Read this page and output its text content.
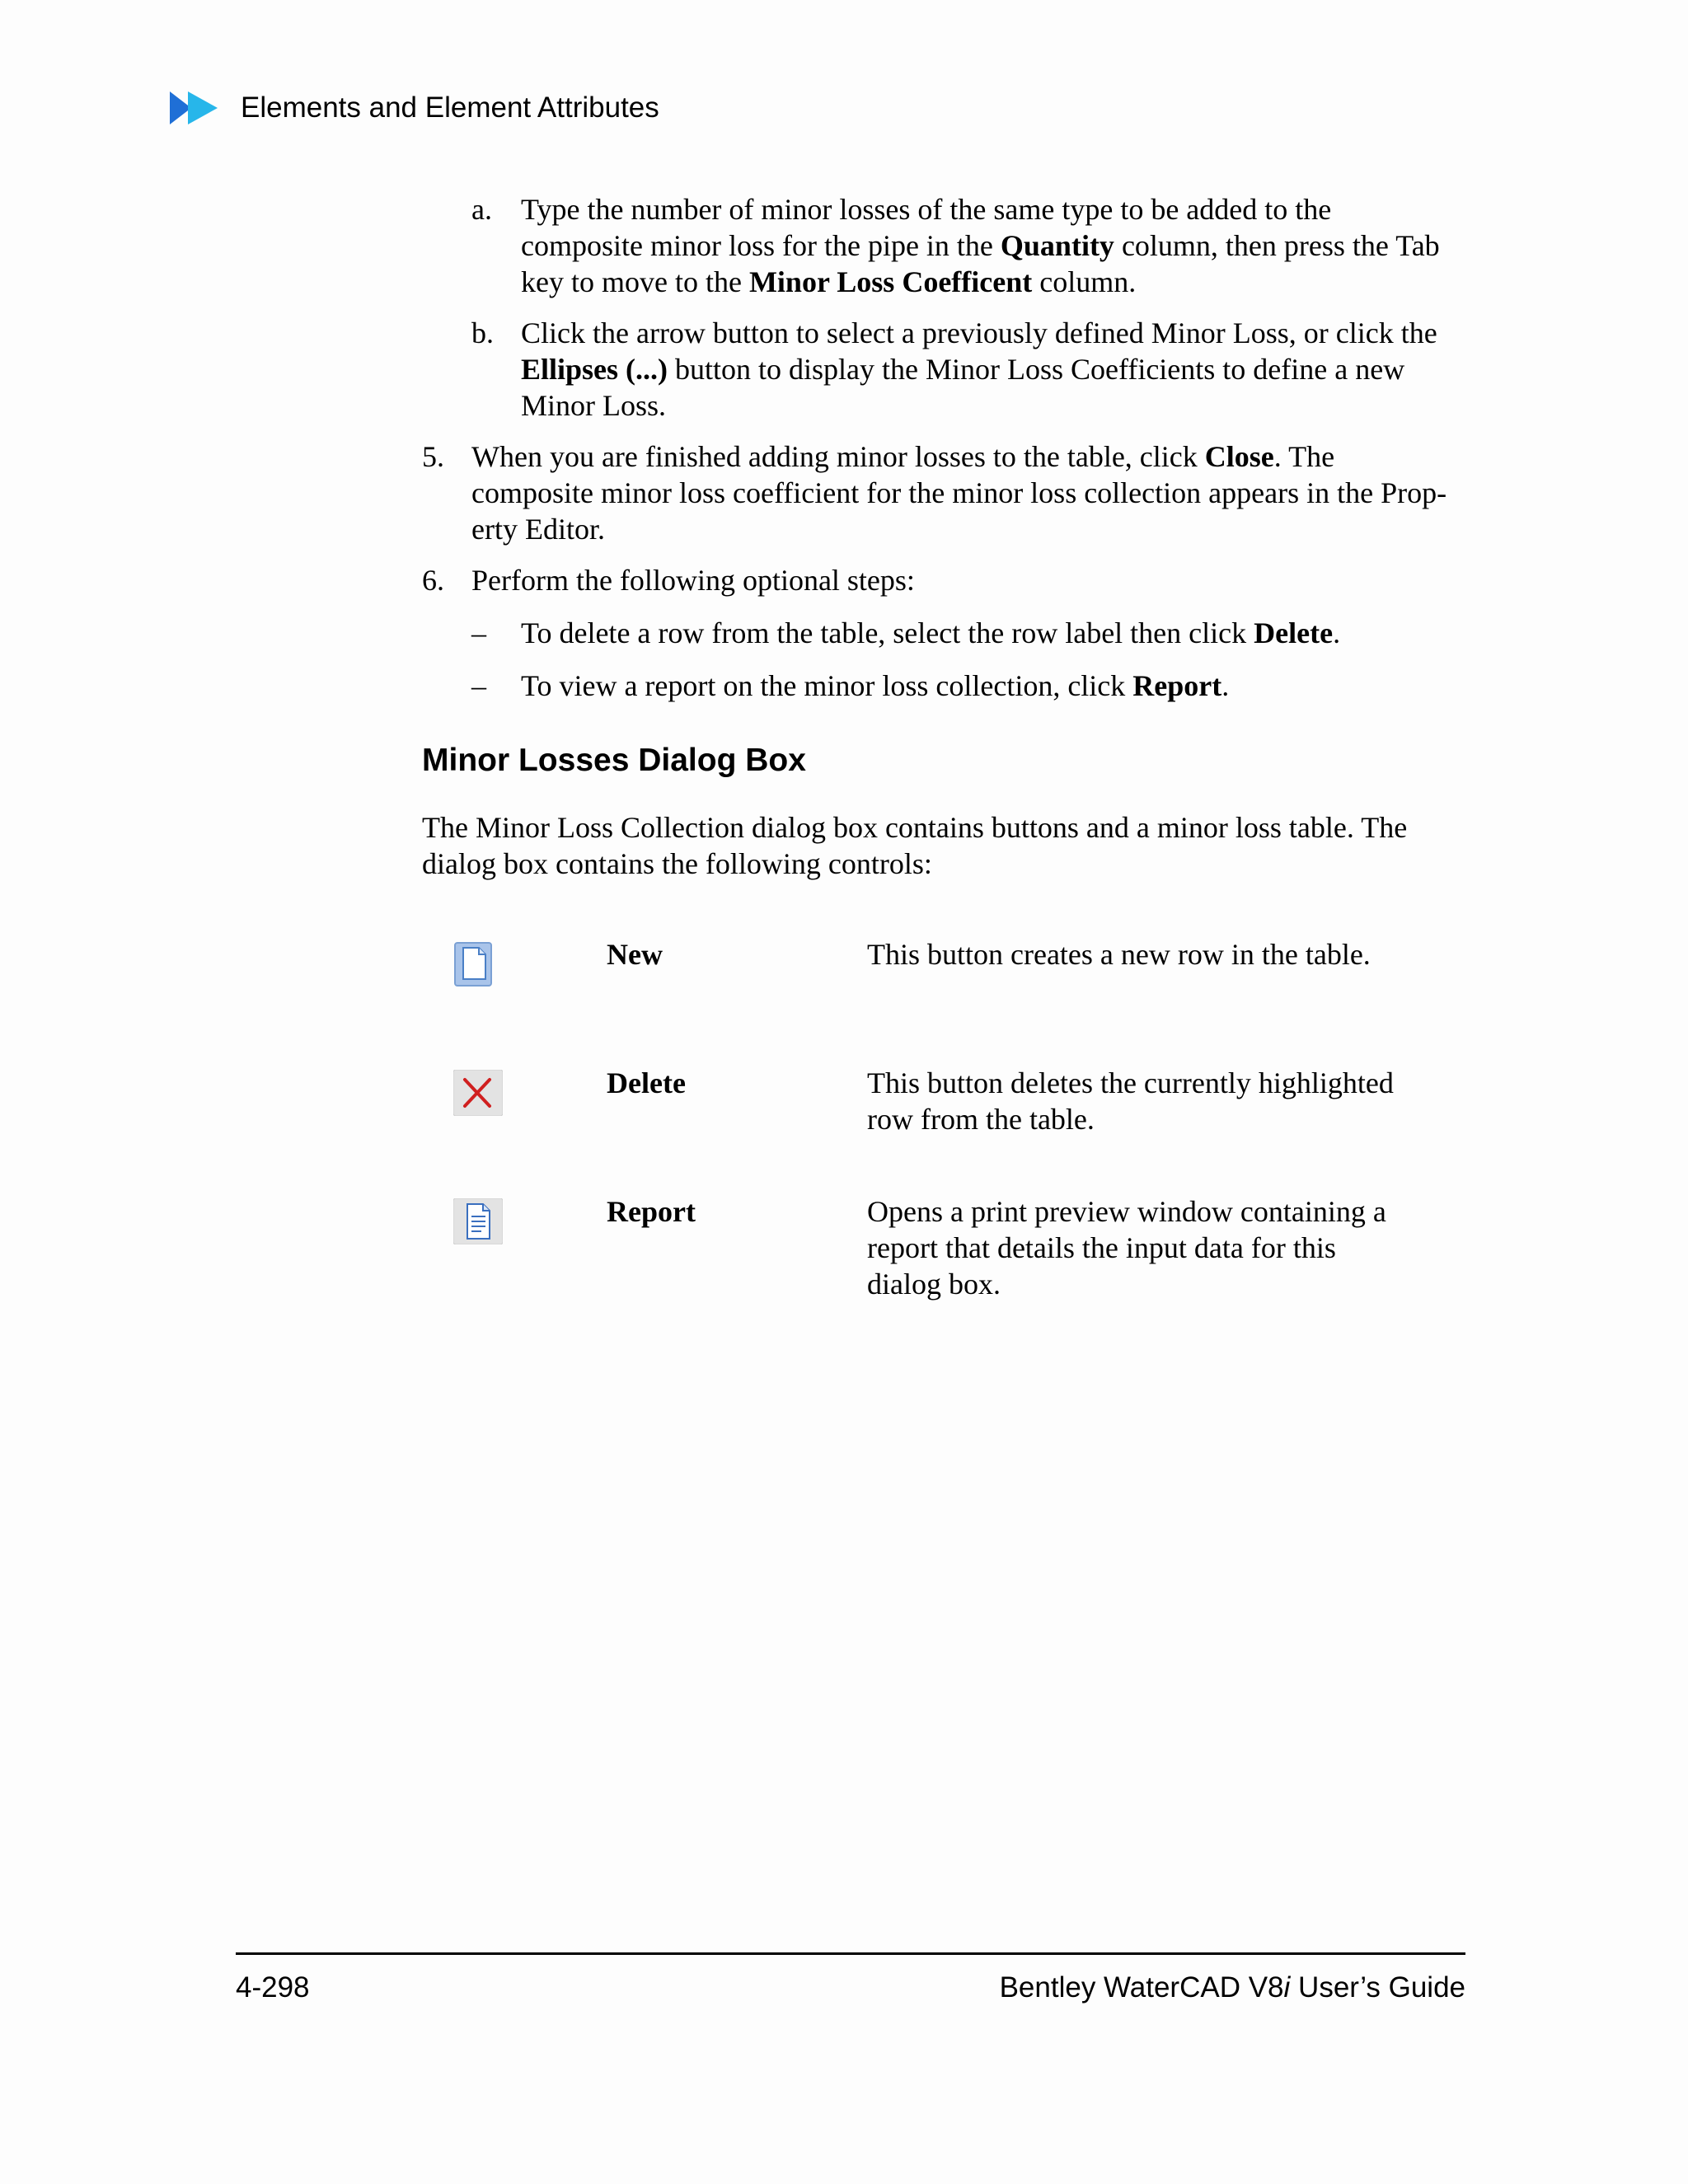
Elements and Element Attributes
a. Type the number of minor losses of the same type to be added to the
composite minor loss for the pipe in the Quantity column, then press the Tab
key to move to the Minor Loss Coefficent column.
b. Click the arrow button to select a previously defined Minor Loss, or click the
Ellipses (...) button to display the Minor Loss Coefficients to define a new
Minor Loss.
5. When you are finished adding minor losses to the table, click Close. The
composite minor loss coefficient for the minor loss collection appears in the Prop-
erty Editor.
6. Perform the following optional steps:
– To delete a row from the table, select the row label then click Delete.
– To view a report on the minor loss collection, click Report.
Minor Losses Dialog Box
The Minor Loss Collection dialog box contains buttons and a minor loss table. The
dialog box contains the following controls:
New	This button creates a new row in the table.
Delete	This button deletes the currently highlighted
row from the table.
Report	Opens a print preview window containing a
report that details the input data for this
dialog box.
4-298	Bentley WaterCAD V8i User’s Guide
